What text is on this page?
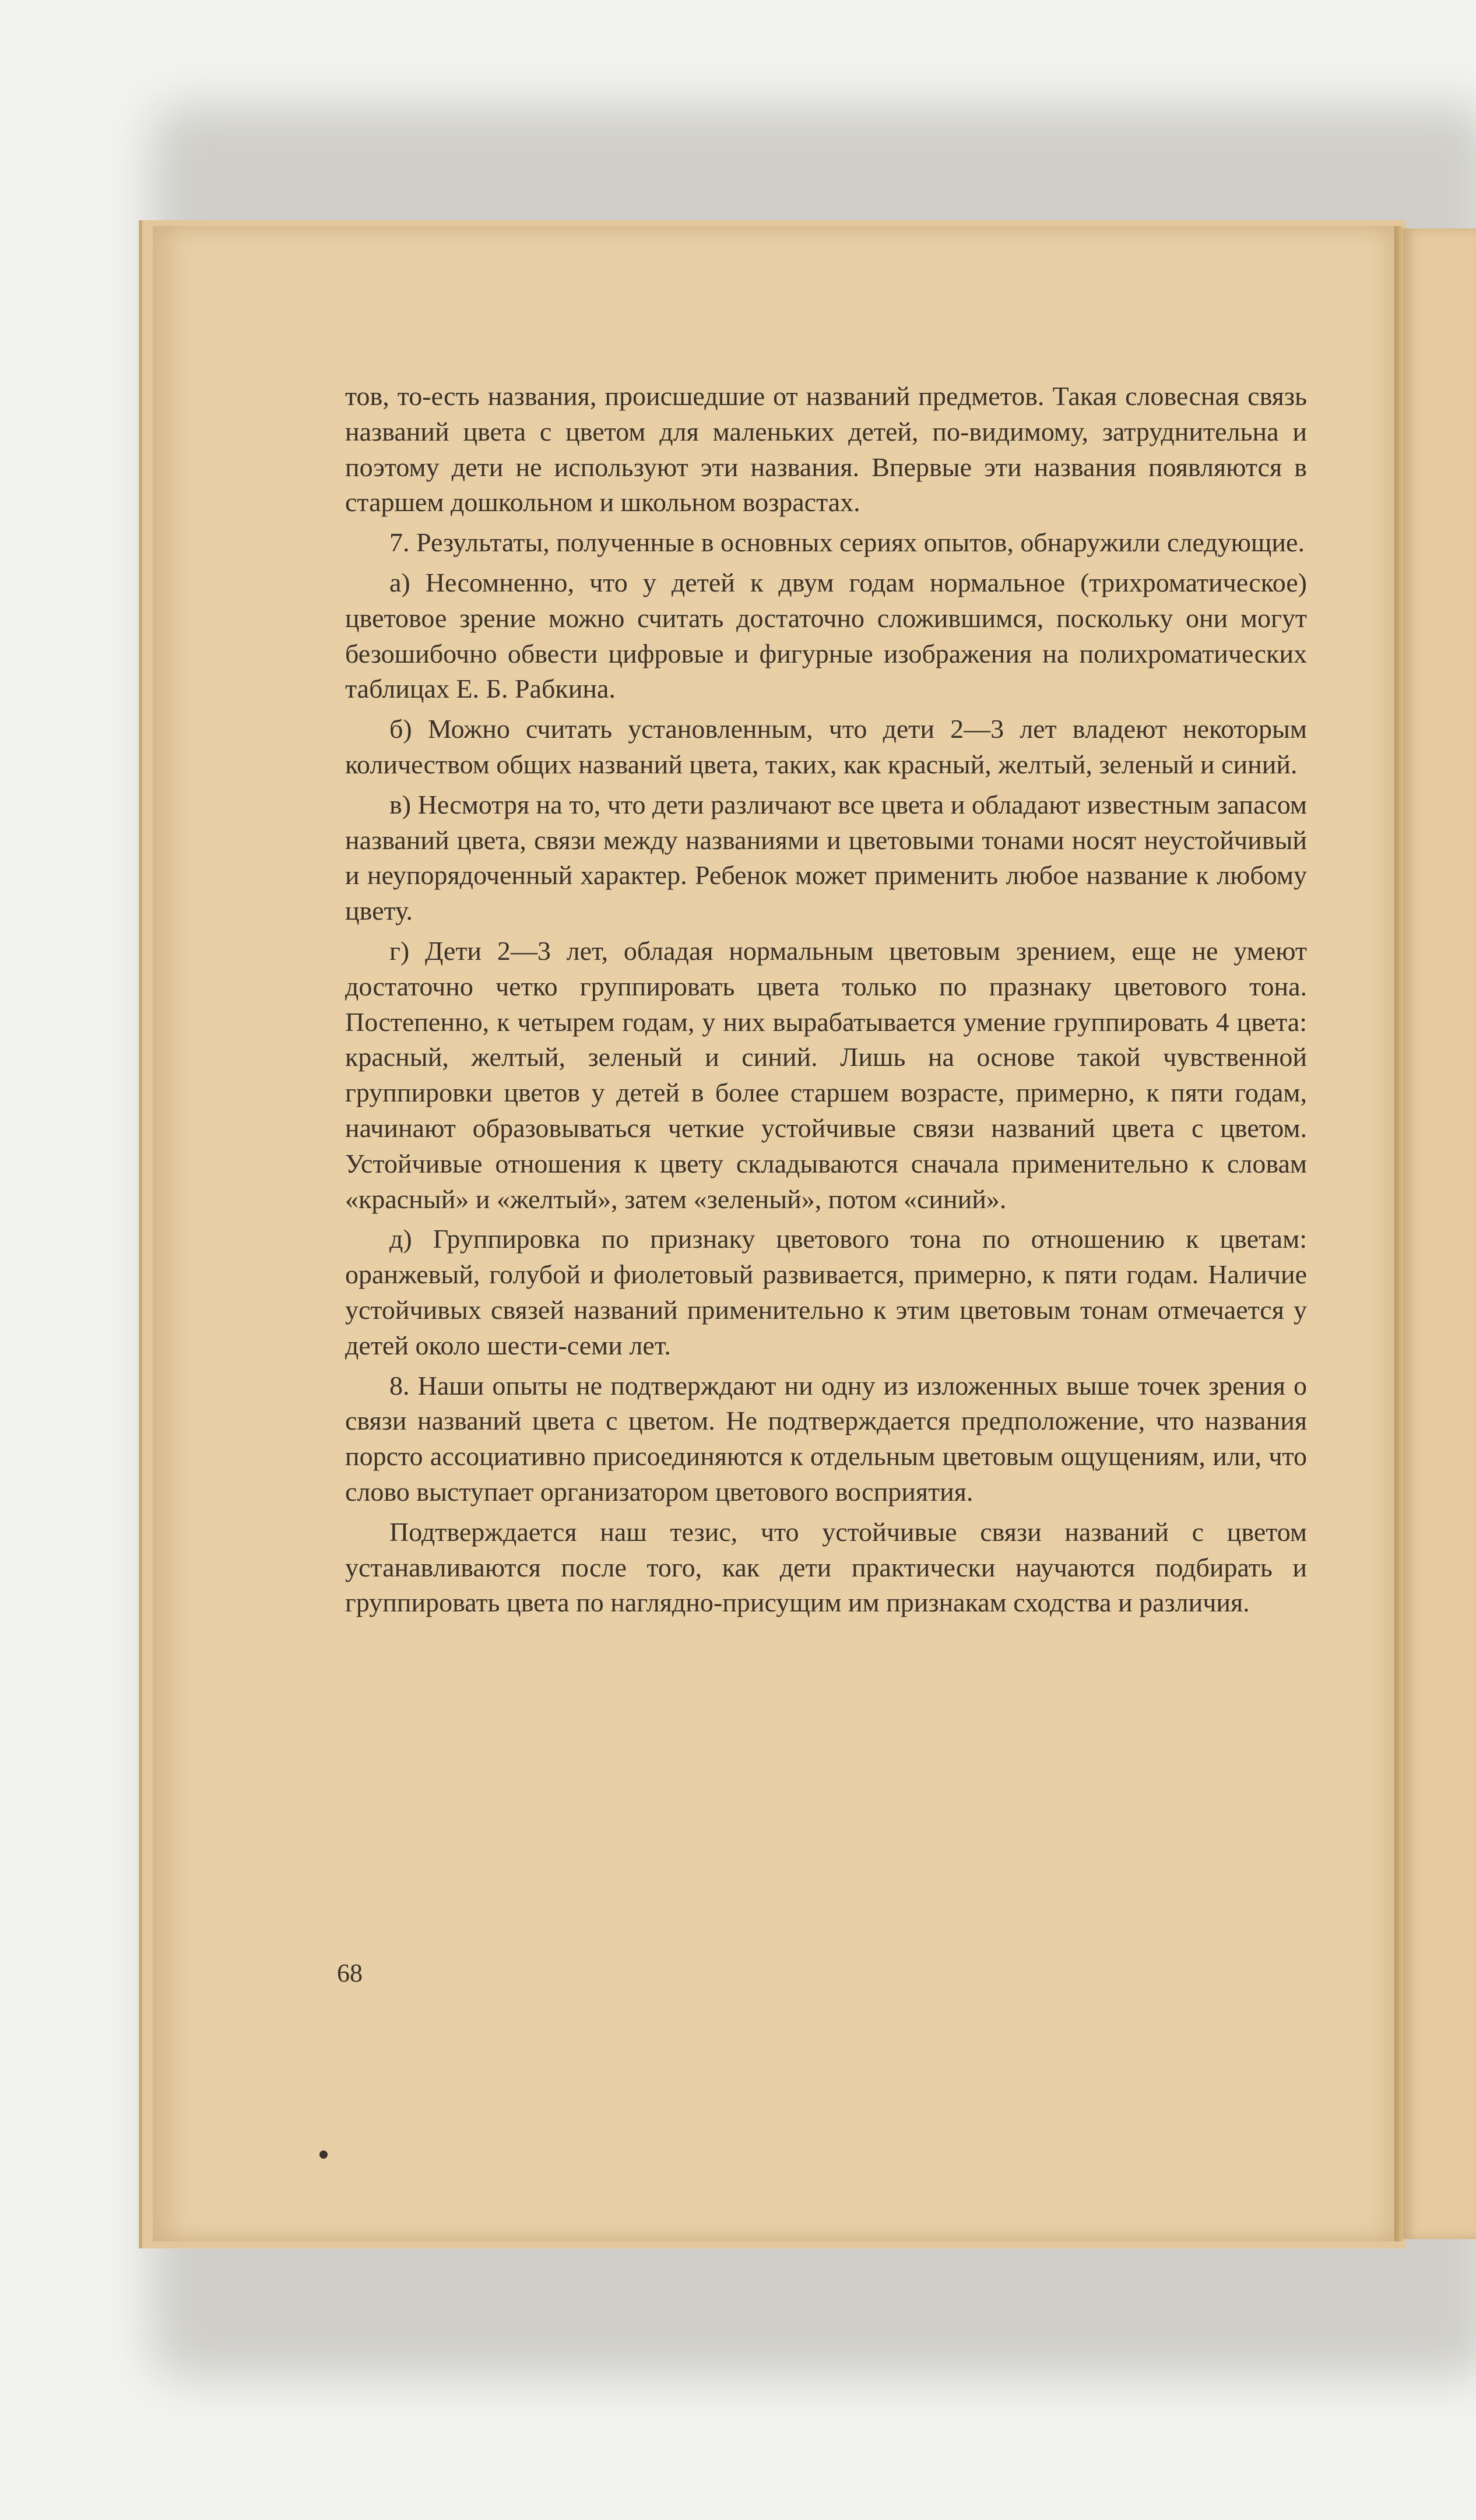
тов, то-есть названия, происшедшие от названий предметов. Такая словесная связь названий цвета с цветом для маленьких детей, по-видимому, затруднительна и поэтому дети не используют эти названия. Впервые эти названия появляются в старшем дошкольном и школьном возрастах.

7. Результаты, полученные в основных сериях опытов, обнаружили следующие.

а) Несомненно, что у детей к двум годам нормальное (трихроматическое) цветовое зрение можно считать достаточно сложившимся, поскольку они могут безошибочно обвести цифровые и фигурные изображения на полихроматических таблицах Е. Б. Рабкина.

б) Можно считать установленным, что дети 2—3 лет владеют некоторым количеством общих названий цвета, таких, как красный, желтый, зеленый и синий.

в) Несмотря на то, что дети различают все цвета и обладают известным запасом названий цвета, связи между названиями и цветовыми тонами носят неустойчивый и неупорядоченный характер. Ребенок может применить любое название к любому цвету.

г) Дети 2—3 лет, обладая нормальным цветовым зрением, еще не умеют достаточно четко группировать цвета только по празнаку цветового тона. Постепенно, к четырем годам, у них вырабатывается умение группировать 4 цвета: красный, желтый, зеленый и синий. Лишь на основе такой чувственной группировки цветов у детей в более старшем возрасте, примерно, к пяти годам, начинают образовываться четкие устойчивые связи названий цвета с цветом. Устойчивые отношения к цвету складываются сначала применительно к словам «красный» и «желтый», затем «зеленый», потом «синий».

д) Группировка по признаку цветового тона по отношению к цветам: оранжевый, голубой и фиолетовый развивается, примерно, к пяти годам. Наличие устойчивых связей названий применительно к этим цветовым тонам отмечается у детей около шести-семи лет.

8. Наши опыты не подтверждают ни одну из изложенных выше точек зрения о связи названий цвета с цветом. Не подтверждается предположение, что названия порсто ассоциативно присоединяются к отдельным цветовым ощущениям, или, что слово выступает организатором цветового восприятия.

Подтверждается наш тезис, что устойчивые связи названий с цветом устанавливаются после того, как дети практически научаются подбирать и группировать цвета по наглядно-присущим им признакам сходства и различия.

68
